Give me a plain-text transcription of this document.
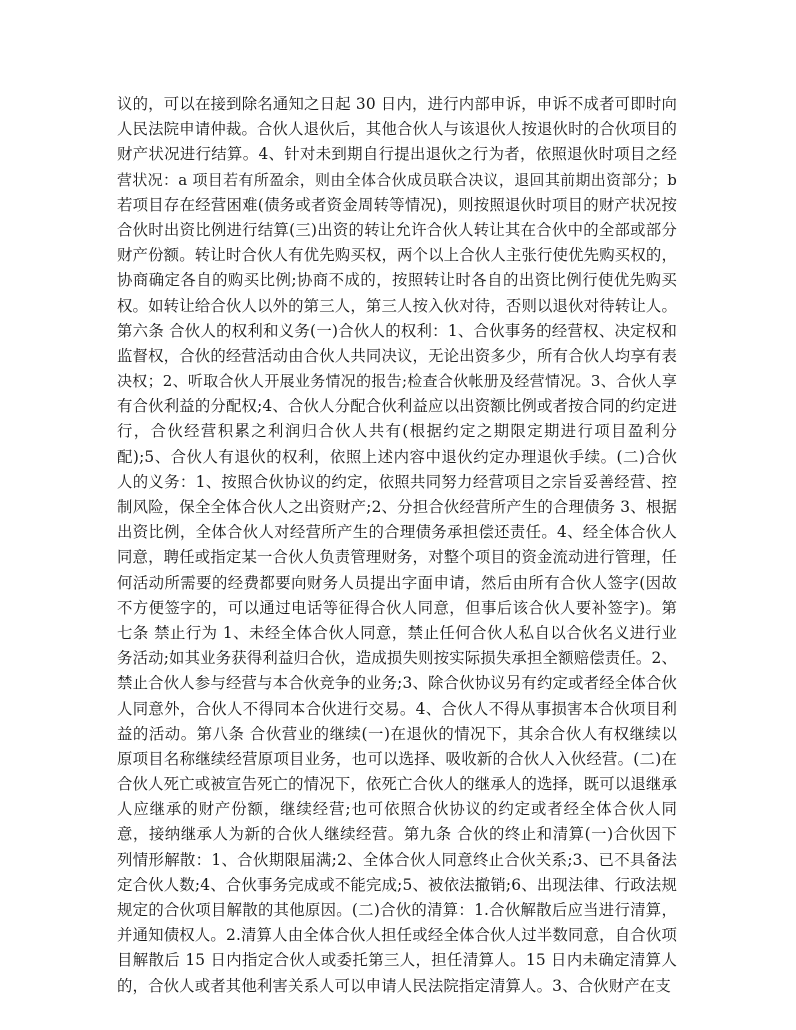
议的，可以在接到除名通知之日起 30 日内，进行内部申诉，申诉不成者可即时向
人民法院申请仲裁。合伙人退伙后，其他合伙人与该退伙人按退伙时的合伙项目的
财产状况进行结算。4、针对未到期自行提出退伙之行为者，依照退伙时项目之经
营状况：a 项目若有所盈余，则由全体合伙成员联合决议，退回其前期出资部分；b
若项目存在经营困难(债务或者资金周转等情况)，则按照退伙时项目的财产状况按
合伙时出资比例进行结算(三)出资的转让允许合伙人转让其在合伙中的全部或部分
财产份额。转让时合伙人有优先购买权，两个以上合伙人主张行使优先购买权的，
协商确定各自的购买比例;协商不成的，按照转让时各自的出资比例行使优先购买
权。如转让给合伙人以外的第三人，第三人按入伙对待，否则以退伙对待转让人。
第六条 合伙人的权利和义务(一)合伙人的权利：1、合伙事务的经营权、决定权和
监督权，合伙的经营活动由合伙人共同决议，无论出资多少，所有合伙人均享有表
决权；2、听取合伙人开展业务情况的报告;检查合伙帐册及经营情况。3、合伙人享
有合伙利益的分配权;4、合伙人分配合伙利益应以出资额比例或者按合同的约定进
行，合伙经营积累之利润归合伙人共有(根据约定之期限定期进行项目盈利分
配);5、合伙人有退伙的权利，依照上述内容中退伙约定办理退伙手续。(二)合伙
人的义务：1、按照合伙协议的约定，依照共同努力经营项目之宗旨妥善经营、控
制风险，保全全体合伙人之出资财产;2、分担合伙经营所产生的合理债务 3、根据
出资比例，全体合伙人对经营所产生的合理债务承担偿还责任。4、经全体合伙人
同意，聘任或指定某一合伙人负责管理财务，对整个项目的资金流动进行管理，任
何活动所需要的经费都要向财务人员提出字面申请，然后由所有合伙人签字(因故
不方便签字的，可以通过电话等征得合伙人同意，但事后该合伙人要补签字)。第
七条 禁止行为 1、未经全体合伙人同意，禁止任何合伙人私自以合伙名义进行业
务活动;如其业务获得利益归合伙，造成损失则按实际损失承担全额赔偿责任。2、
禁止合伙人参与经营与本合伙竞争的业务;3、除合伙协议另有约定或者经全体合伙
人同意外，合伙人不得同本合伙进行交易。4、合伙人不得从事损害本合伙项目利
益的活动。第八条 合伙营业的继续(一)在退伙的情况下，其余合伙人有权继续以
原项目名称继续经营原项目业务，也可以选择、吸收新的合伙人入伙经营。(二)在
合伙人死亡或被宣告死亡的情况下，依死亡合伙人的继承人的选择，既可以退继承
人应继承的财产份额，继续经营;也可依照合伙协议的约定或者经全体合伙人同
意，接纳继承人为新的合伙人继续经营。第九条 合伙的终止和清算(一)合伙因下
列情形解散：1、合伙期限届满;2、全体合伙人同意终止合伙关系;3、已不具备法
定合伙人数;4、合伙事务完成或不能完成;5、被依法撤销;6、出现法律、行政法规
规定的合伙项目解散的其他原因。(二)合伙的清算：1.合伙解散后应当进行清算，
并通知债权人。2.清算人由全体合伙人担任或经全体合伙人过半数同意，自合伙项
目解散后 15 日内指定合伙人或委托第三人，担任清算人。15 日内未确定清算人
的，合伙人或者其他利害关系人可以申请人民法院指定清算人。3、合伙财产在支
